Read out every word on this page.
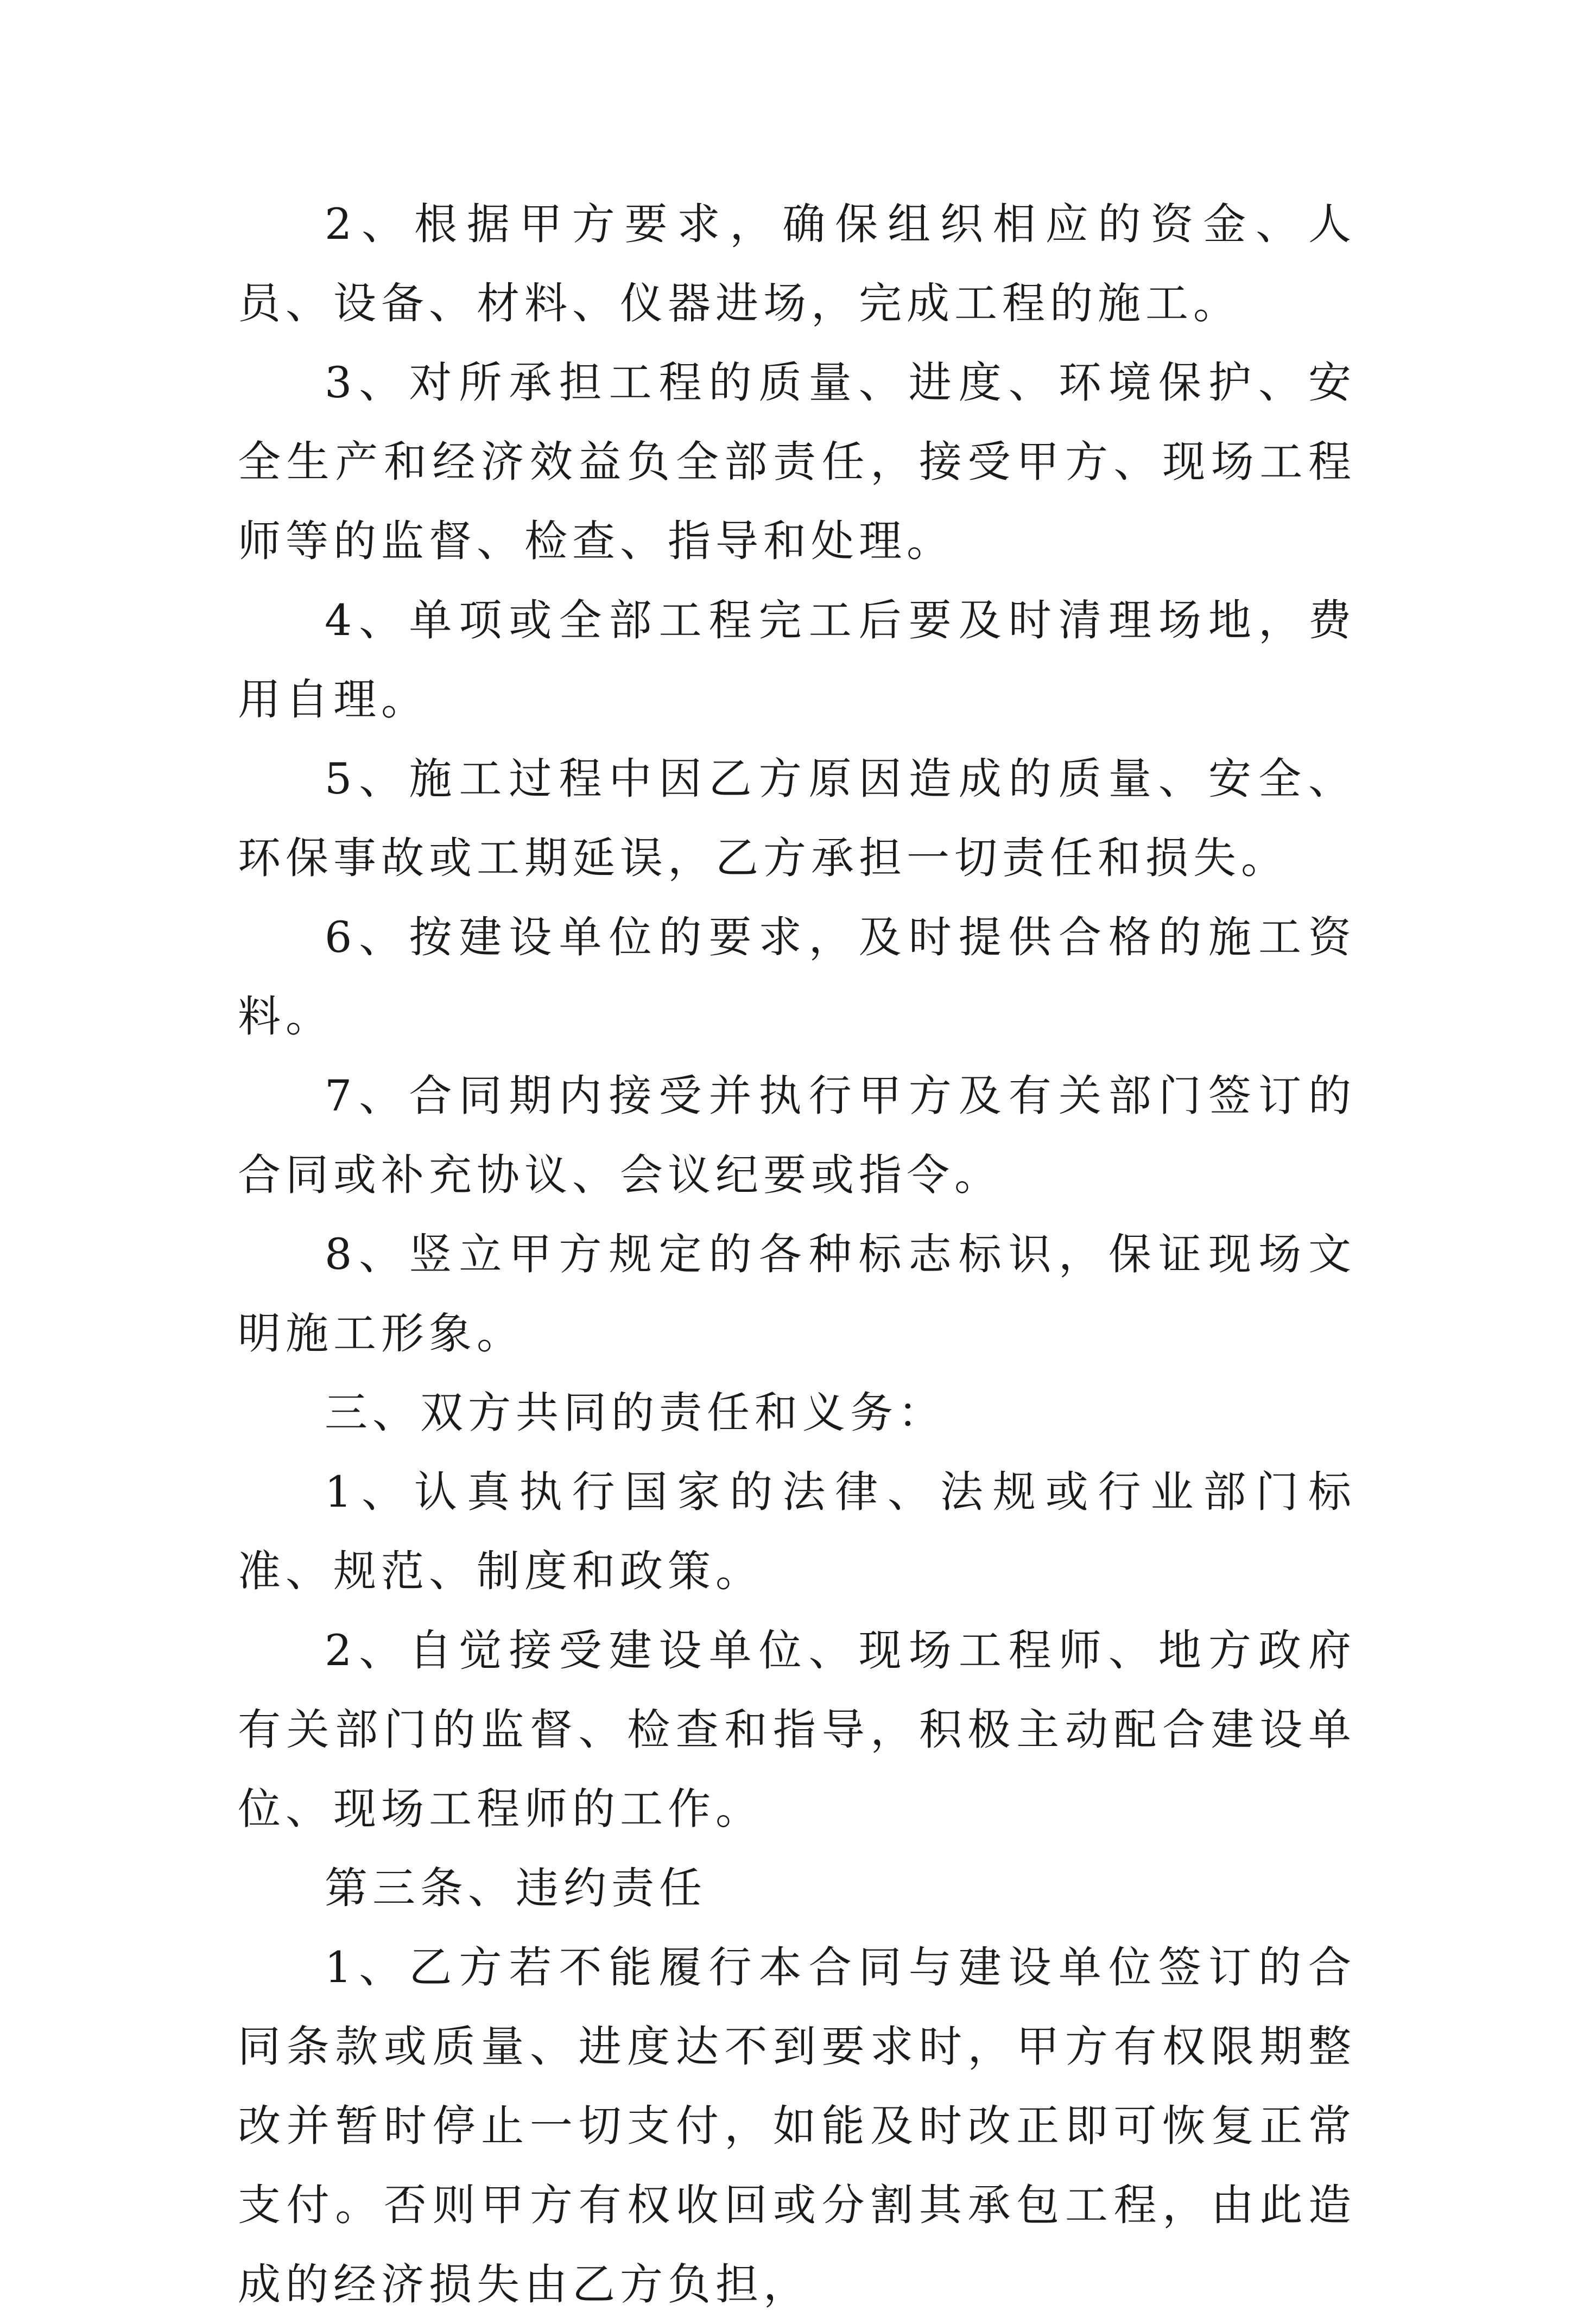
2、根据甲方要求，确保组织相应的资金、人员、设备、材料、仪器进场，完成工程的施工。

3、对所承担工程的质量、进度、环境保护、安全生产和经济效益负全部责任，接受甲方、现场工程师等的监督、检查、指导和处理。

4、单项或全部工程完工后要及时清理场地，费用自理。

5、施工过程中因乙方原因造成的质量、安全、环保事故或工期延误，乙方承担一切责任和损失。

6、按建设单位的要求，及时提供合格的施工资料。

7、合同期内接受并执行甲方及有关部门签订的合同或补充协议、会议纪要或指令。

8、竖立甲方规定的各种标志标识，保证现场文明施工形象。

三、双方共同的责任和义务：

1、认真执行国家的法律、法规或行业部门标准、规范、制度和政策。

2、自觉接受建设单位、现场工程师、地方政府有关部门的监督、检查和指导，积极主动配合建设单位、现场工程师的工作。

第三条、违约责任

1、乙方若不能履行本合同与建设单位签订的合同条款或质量、进度达不到要求时，甲方有权限期整改并暂时停止一切支付，如能及时改正即可恢复正常支付。否则甲方有权收回或分割其承包工程，由此造成的经济损失由乙方负担，
